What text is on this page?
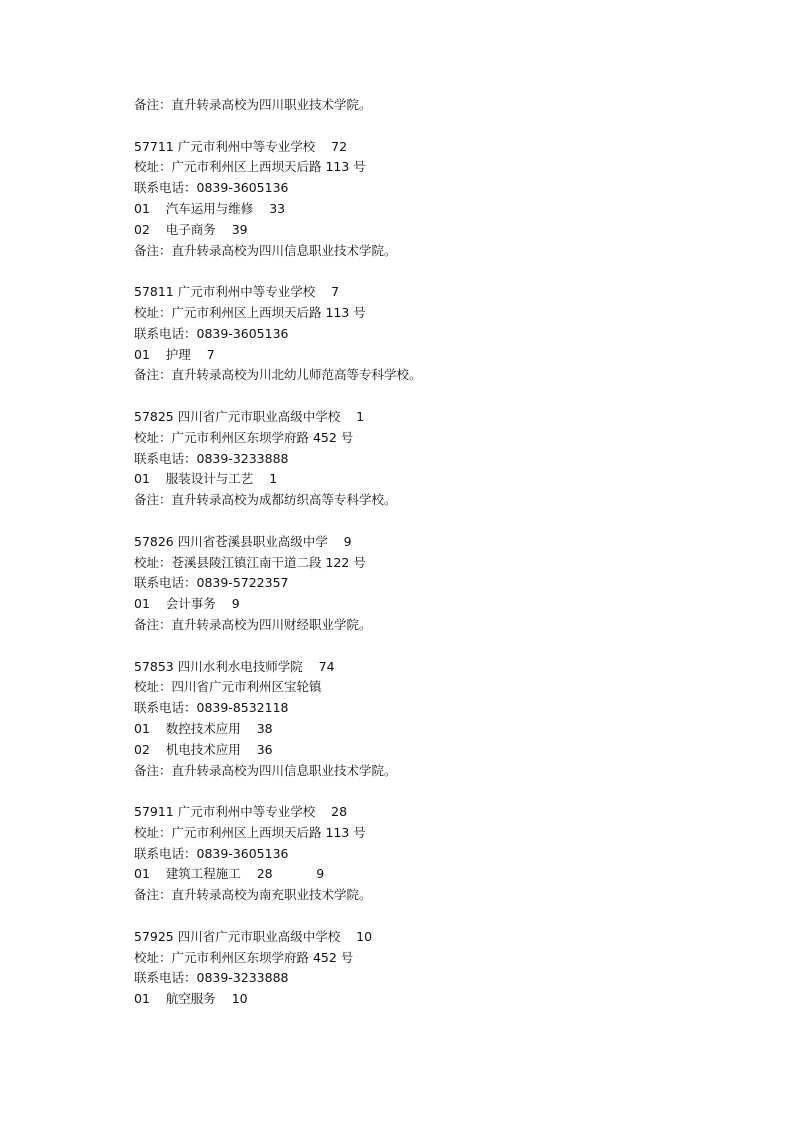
备注：直升转录高校为四川职业技术学院。
57711 广元市利州中等专业学校    72
校址：广元市利州区上西坝天后路 113 号
联系电话：0839-3605136
01    汽车运用与维修    33
02    电子商务    39
备注：直升转录高校为四川信息职业技术学院。
57811 广元市利州中等专业学校    7
校址：广元市利州区上西坝天后路 113 号
联系电话：0839-3605136
01    护理    7
备注：直升转录高校为川北幼儿师范高等专科学校。
57825 四川省广元市职业高级中学校    1
校址：广元市利州区东坝学府路 452 号
联系电话：0839-3233888
01    服装设计与工艺    1
备注：直升转录高校为成都纺织高等专科学校。
57826 四川省苍溪县职业高级中学    9
校址：苍溪县陵江镇江南干道二段 122 号
联系电话：0839-5722357
01    会计事务    9
备注：直升转录高校为四川财经职业学院。
57853 四川水利水电技师学院    74
校址：四川省广元市利州区宝轮镇
联系电话：0839-8532118
01    数控技术应用    38
02    机电技术应用    36
备注：直升转录高校为四川信息职业技术学院。
57911 广元市利州中等专业学校    28
校址：广元市利州区上西坝天后路 113 号
联系电话：0839-3605136
01    建筑工程施工    28           9
备注：直升转录高校为南充职业技术学院。
57925 四川省广元市职业高级中学校    10
校址：广元市利州区东坝学府路 452 号
联系电话：0839-3233888
01    航空服务    10
